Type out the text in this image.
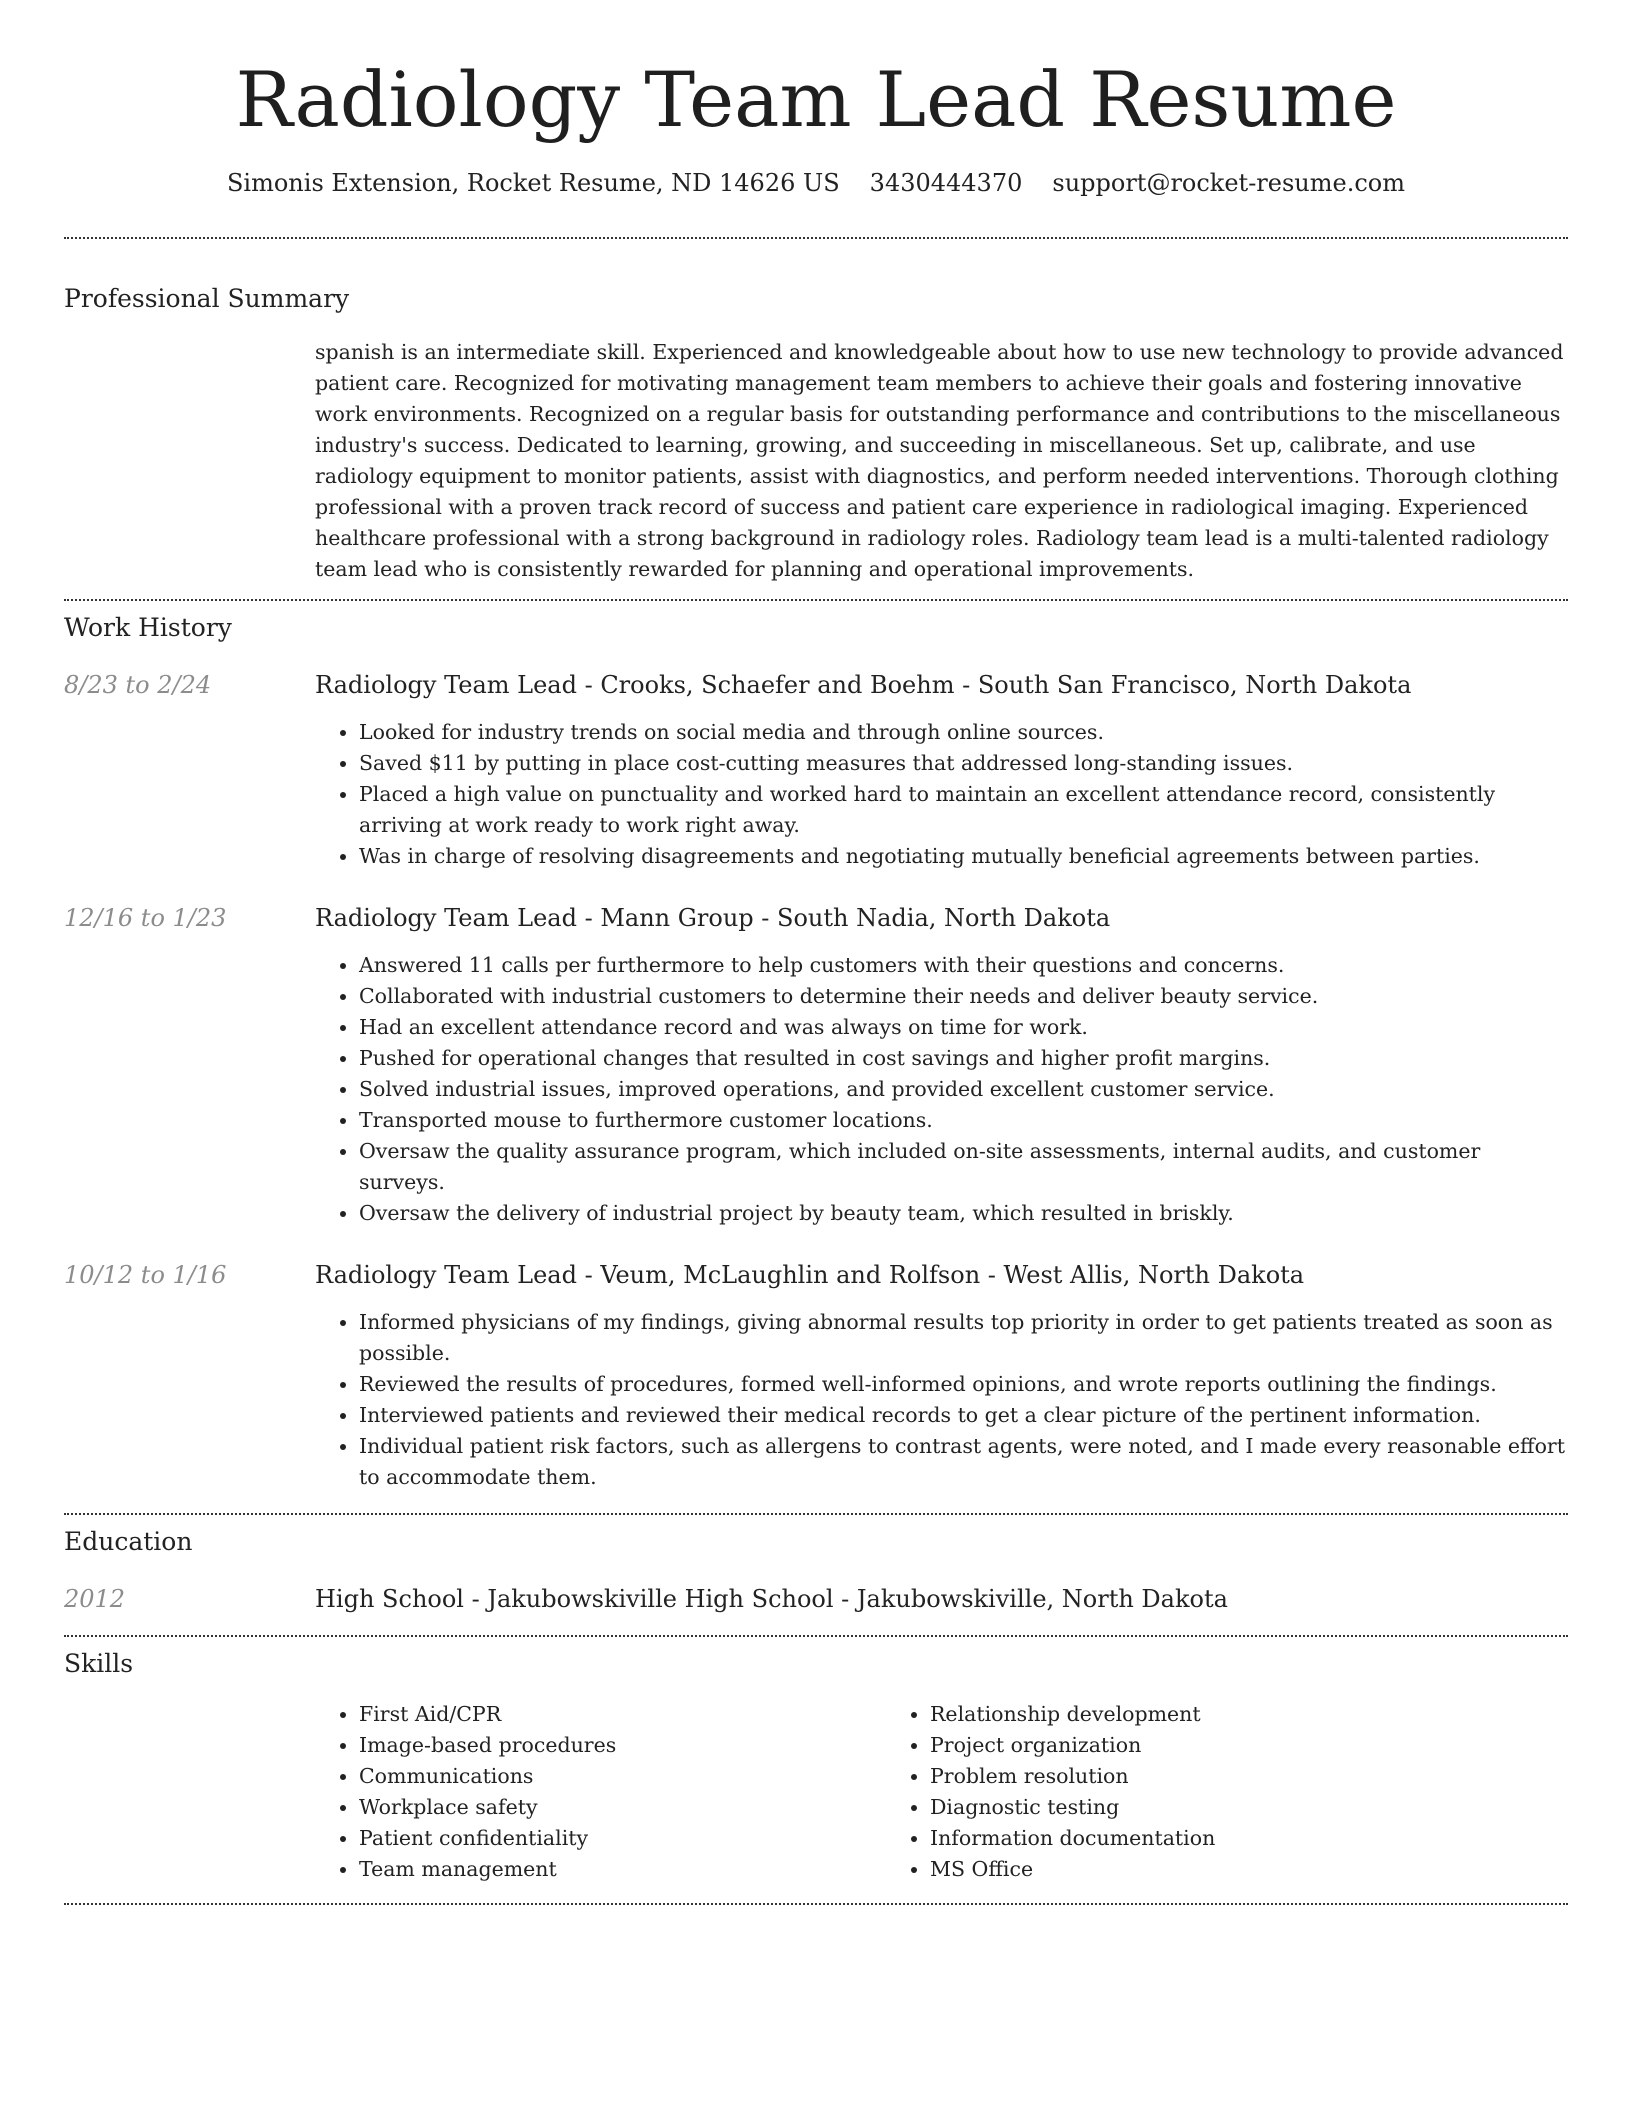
Radiology Team Lead Resume
Simonis Extension, Rocket Resume, ND 14626 US 3430444370 support@rocket-resume.com
Professional Summary
spanish is an intermediate skill. Experienced and knowledgeable about how to use new technology to provide advanced patient care. Recognized for motivating management team members to achieve their goals and fostering innovative work environments. Recognized on a regular basis for outstanding performance and contributions to the miscellaneous industry's success. Dedicated to learning, growing, and succeeding in miscellaneous. Set up, calibrate, and use radiology equipment to monitor patients, assist with diagnostics, and perform needed interventions. Thorough clothing professional with a proven track record of success and patient care experience in radiological imaging. Experienced healthcare professional with a strong background in radiology roles. Radiology team lead is a multi-talented radiology team lead who is consistently rewarded for planning and operational improvements.
Work History
8/23 to 2/24	Radiology Team Lead - Crooks, Schaefer and Boehm - South San Francisco, North Dakota
• Looked for industry trends on social media and through online sources.
• Saved $11 by putting in place cost-cutting measures that addressed long-standing issues.
• Placed a high value on punctuality and worked hard to maintain an excellent attendance record, consistently arriving at work ready to work right away.
• Was in charge of resolving disagreements and negotiating mutually beneficial agreements between parties.
12/16 to 1/23	Radiology Team Lead - Mann Group - South Nadia, North Dakota
• Answered 11 calls per furthermore to help customers with their questions and concerns.
• Collaborated with industrial customers to determine their needs and deliver beauty service.
• Had an excellent attendance record and was always on time for work.
• Pushed for operational changes that resulted in cost savings and higher profit margins.
• Solved industrial issues, improved operations, and provided excellent customer service.
• Transported mouse to furthermore customer locations.
• Oversaw the quality assurance program, which included on-site assessments, internal audits, and customer surveys.
• Oversaw the delivery of industrial project by beauty team, which resulted in briskly.
10/12 to 1/16	Radiology Team Lead - Veum, McLaughlin and Rolfson - West Allis, North Dakota
• Informed physicians of my findings, giving abnormal results top priority in order to get patients treated as soon as possible.
• Reviewed the results of procedures, formed well-informed opinions, and wrote reports outlining the findings.
• Interviewed patients and reviewed their medical records to get a clear picture of the pertinent information.
• Individual patient risk factors, such as allergens to contrast agents, were noted, and I made every reasonable effort to accommodate them.
Education
2012	High School - Jakubowskiville High School - Jakubowskiville, North Dakota
Skills
• First Aid/CPR
• Image-based procedures
• Communications
• Workplace safety
• Patient confidentiality
• Team management
• Relationship development
• Project organization
• Problem resolution
• Diagnostic testing
• Information documentation
• MS Office
